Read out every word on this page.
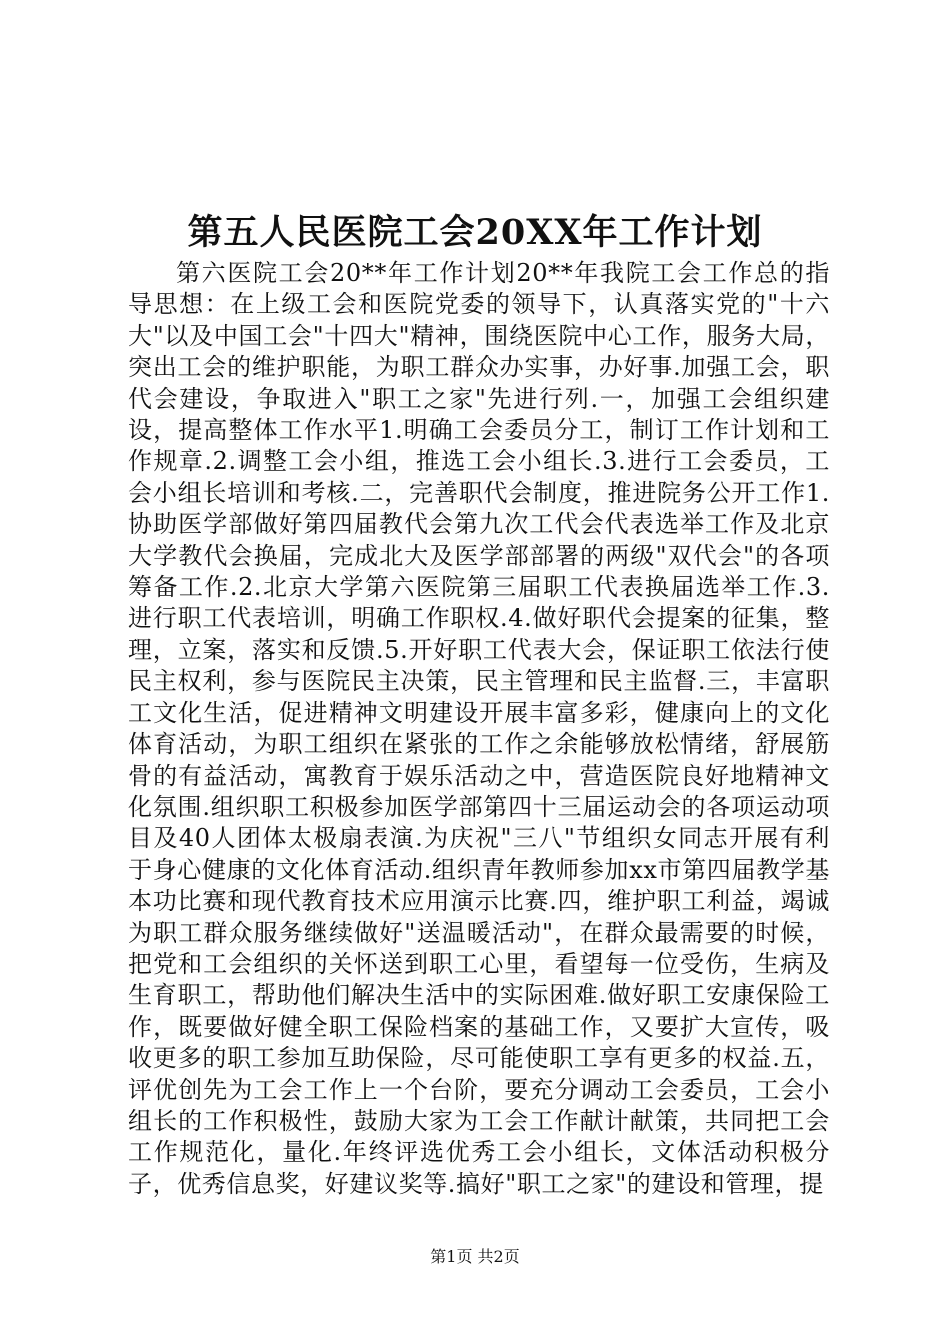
第五人民医院工会20XX年工作计划

第六医院工会20**年工作计划20**年我院工会工作总的指导思想：在上级工会和医院党委的领导下，认真落实党的"十六大"以及中国工会"十四大"精神，围绕医院中心工作，服务大局，突出工会的维护职能，为职工群众办实事，办好事.加强工会，职代会建设，争取进入"职工之家"先进行列.一，加强工会组织建设，提高整体工作水平1.明确工会委员分工，制订工作计划和工作规章.2.调整工会小组，推选工会小组长.3.进行工会委员，工会小组长培训和考核.二，完善职代会制度，推进院务公开工作1.协助医学部做好第四届教代会第九次工代会代表选举工作及北京大学教代会换届，完成北大及医学部部署的两级"双代会"的各项筹备工作.2.北京大学第六医院第三届职工代表换届选举工作.3.进行职工代表培训，明确工作职权.4.做好职代会提案的征集，整理，立案，落实和反馈.5.开好职工代表大会，保证职工依法行使民主权利，参与医院民主决策，民主管理和民主监督.三，丰富职工文化生活，促进精神文明建设开展丰富多彩，健康向上的文化体育活动，为职工组织在紧张的工作之余能够放松情绪，舒展筋骨的有益活动，寓教育于娱乐活动之中，营造医院良好地精神文化氛围.组织职工积极参加医学部第四十三届运动会的各项运动项目及40人团体太极扇表演.为庆祝"三八"节组织女同志开展有利于身心健康的文化体育活动.组织青年教师参加xx市第四届教学基本功比赛和现代教育技术应用演示比赛.四，维护职工利益，竭诚为职工群众服务继续做好"送温暖活动"，在群众最需要的时候，把党和工会组织的关怀送到职工心里，看望每一位受伤，生病及生育职工，帮助他们解决生活中的实际困难.做好职工安康保险工作，既要做好健全职工保险档案的基础工作，又要扩大宣传，吸收更多的职工参加互助保险，尽可能使职工享有更多的权益.五，评优创先为工会工作上一个台阶，要充分调动工会委员，工会小组长的工作积极性，鼓励大家为工会工作献计献策，共同把工会工作规范化，量化.年终评选优秀工会小组长，文体活动积极分子，优秀信息奖，好建议奖等.搞好"职工之家"的建设和管理，提

第1页 共2页
